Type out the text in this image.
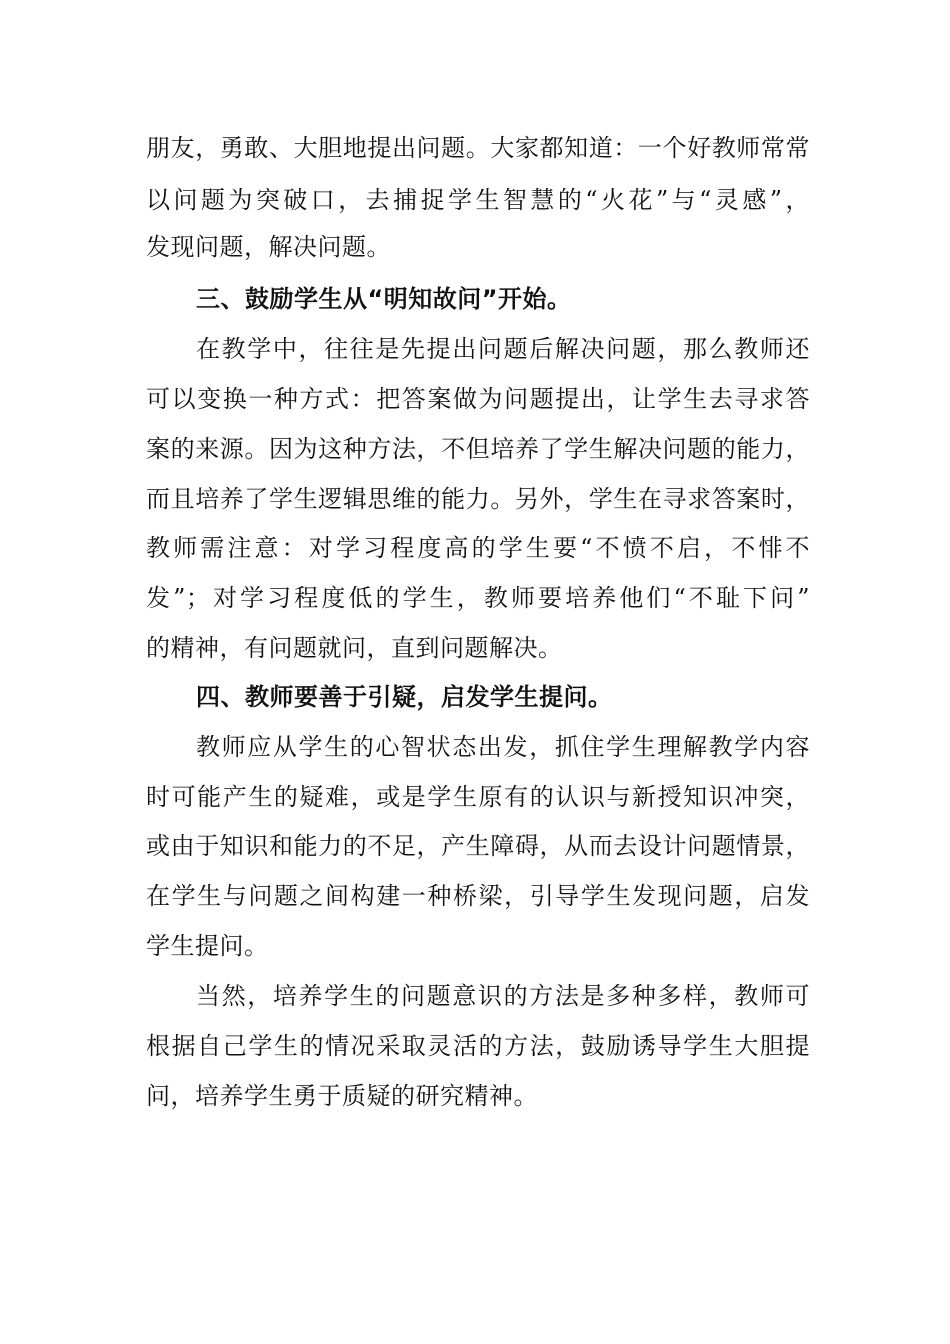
朋友，勇敢、大胆地提出问题。大家都知道：一个好教师常常
以问题为突破口，去捕捉学生智慧的“火花”与“灵感”，
发现问题，解决问题。
三、鼓励学生从“明知故问”开始。
在教学中，往往是先提出问题后解决问题，那么教师还
可以变换一种方式：把答案做为问题提出，让学生去寻求答
案的来源。因为这种方法，不但培养了学生解决问题的能力，
而且培养了学生逻辑思维的能力。另外，学生在寻求答案时，
教师需注意：对学习程度高的学生要“不愤不启，不悱不
发”；对学习程度低的学生，教师要培养他们“不耻下问”
的精神，有问题就问，直到问题解决。
四、教师要善于引疑，启发学生提问。
教师应从学生的心智状态出发，抓住学生理解教学内容
时可能产生的疑难，或是学生原有的认识与新授知识冲突，
或由于知识和能力的不足，产生障碍，从而去设计问题情景，
在学生与问题之间构建一种桥梁，引导学生发现问题，启发
学生提问。
当然，培养学生的问题意识的方法是多种多样，教师可
根据自己学生的情况采取灵活的方法，鼓励诱导学生大胆提
问，培养学生勇于质疑的研究精神。
